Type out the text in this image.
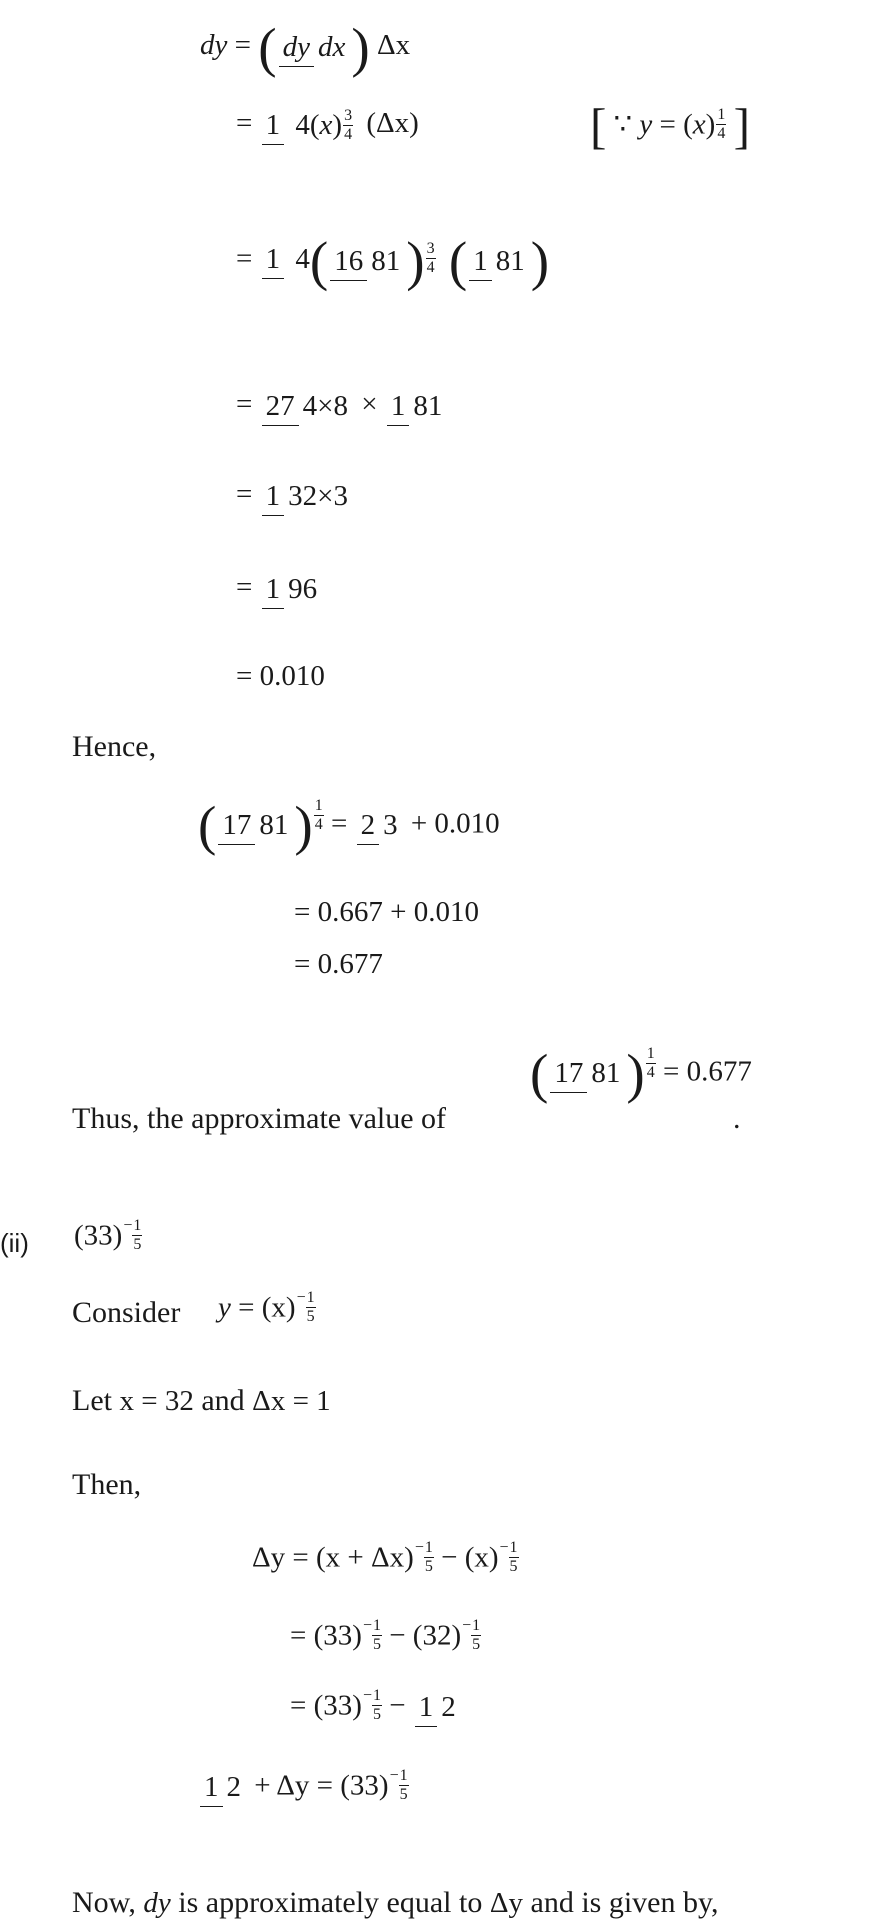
dy = ( dy dx ) Δx
= 1 4(x) $^{\frac{3}{4}}$ (Δx)	[ ∵ y = (x) $^{\frac{1}{4}}$ ]
= 1 4( 16 81 ) $^{\frac{3}{4}}$ ( 1 81 )
= 27 4×8 × 1 81
= 1 32×3
= 1 96
= 0.010
Hence,
( 17 81 ) $^{\frac{1}{4}}$ = 2 3 + 0.010
= 0.667 + 0.010
= 0.677
Thus, the approximate value of
( 17 81 ) $^{\frac{1}{4}}$ = 0.677
.
(ii) $(33)^{- \frac{1}{5}}$
Consider $y = (x)^{- \frac{1}{5}}$
Let x = 32 and Δx = 1
Then,
$\Delta y = (x + \Delta x)^{- \frac{1}{5}} - (x)^{- \frac{1}{5}}$
= $(33)^{- \frac{1}{5}} - (32)^{- \frac{1}{5}}$
= $(33)^{- \frac{1}{5}} - 1$ 2
1 $2 + \Delta y = (33)^{- \frac{1}{5}}$
Now, dy is approximately equal to Δy and is given by,
